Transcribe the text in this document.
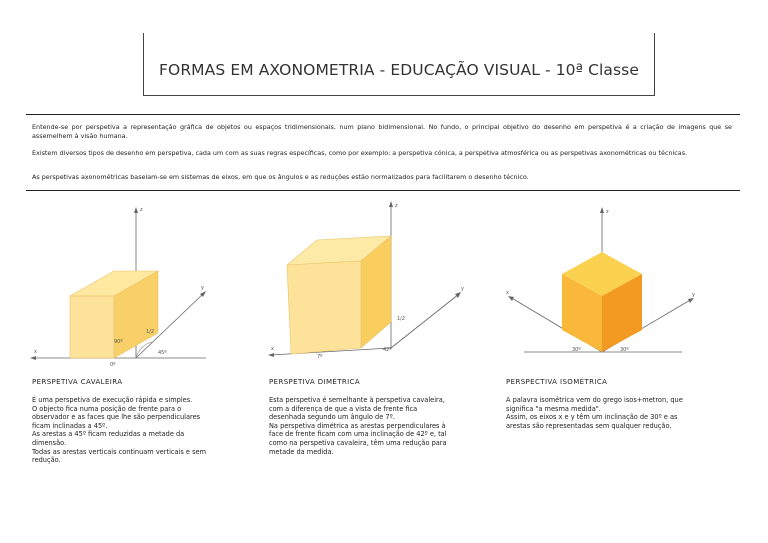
FORMAS EM AXONOMETRIA - EDUCAÇÃO VISUAL - 10ª Classe

Entende-se por perspetiva a representação gráfica de objetos ou espaços tridimensionais, num plano bidimensional. No fundo, o principal objetivo do desenho em perspetiva é a criação de imagens que se assemelhem à visão humana.

Existem diversos tipos de desenho em perspetiva, cada um com as suas regras específicas, como por exemplo: a perspetiva cónica, a perspetiva atmosférica ou as perspetivas axonométricas ou técnicas.

As perspetivas axonométricas baseiam-se em sistemas de eixos, em que os ângulos e as reduções estão normalizados para facilitarem o desenho técnico.

z
x
y
90º
45º
0º
1/2
z
x
y
7º
42º
1/2
z
x	y
30º	30º
PERSPETIVA CAVALEIRA
É uma perspetiva de execução rápida e simples.
O objecto fica numa posição de frente para o
observador e as faces que lhe são perpendiculares
ficam inclinadas a 45º.
As arestas a 45º ficam reduzidas a metade da
dimensão.
Todas as arestas verticais continuam verticais e sem
redução.
PERSPETIVA DIMÉTRICA
Esta perspetiva é semelhante à perspetiva cavaleira,
com a diferença de que a vista de frente fica
desenhada segundo um ângulo de 7º.
Na perspetiva dimétrica as arestas perpendiculares à
face de frente ficam com uma inclinação de 42º e, tal
como na perspetiva cavaleira, têm uma redução para
metade da medida.
PERSPECTIVA ISOMÉTRICA
A palavra isométrica vem do grego isos+metron, que
significa "a mesma medida".
Assim, os eixos x e y têm um inclinação de 30º e as
arestas são representadas sem qualquer redução.
